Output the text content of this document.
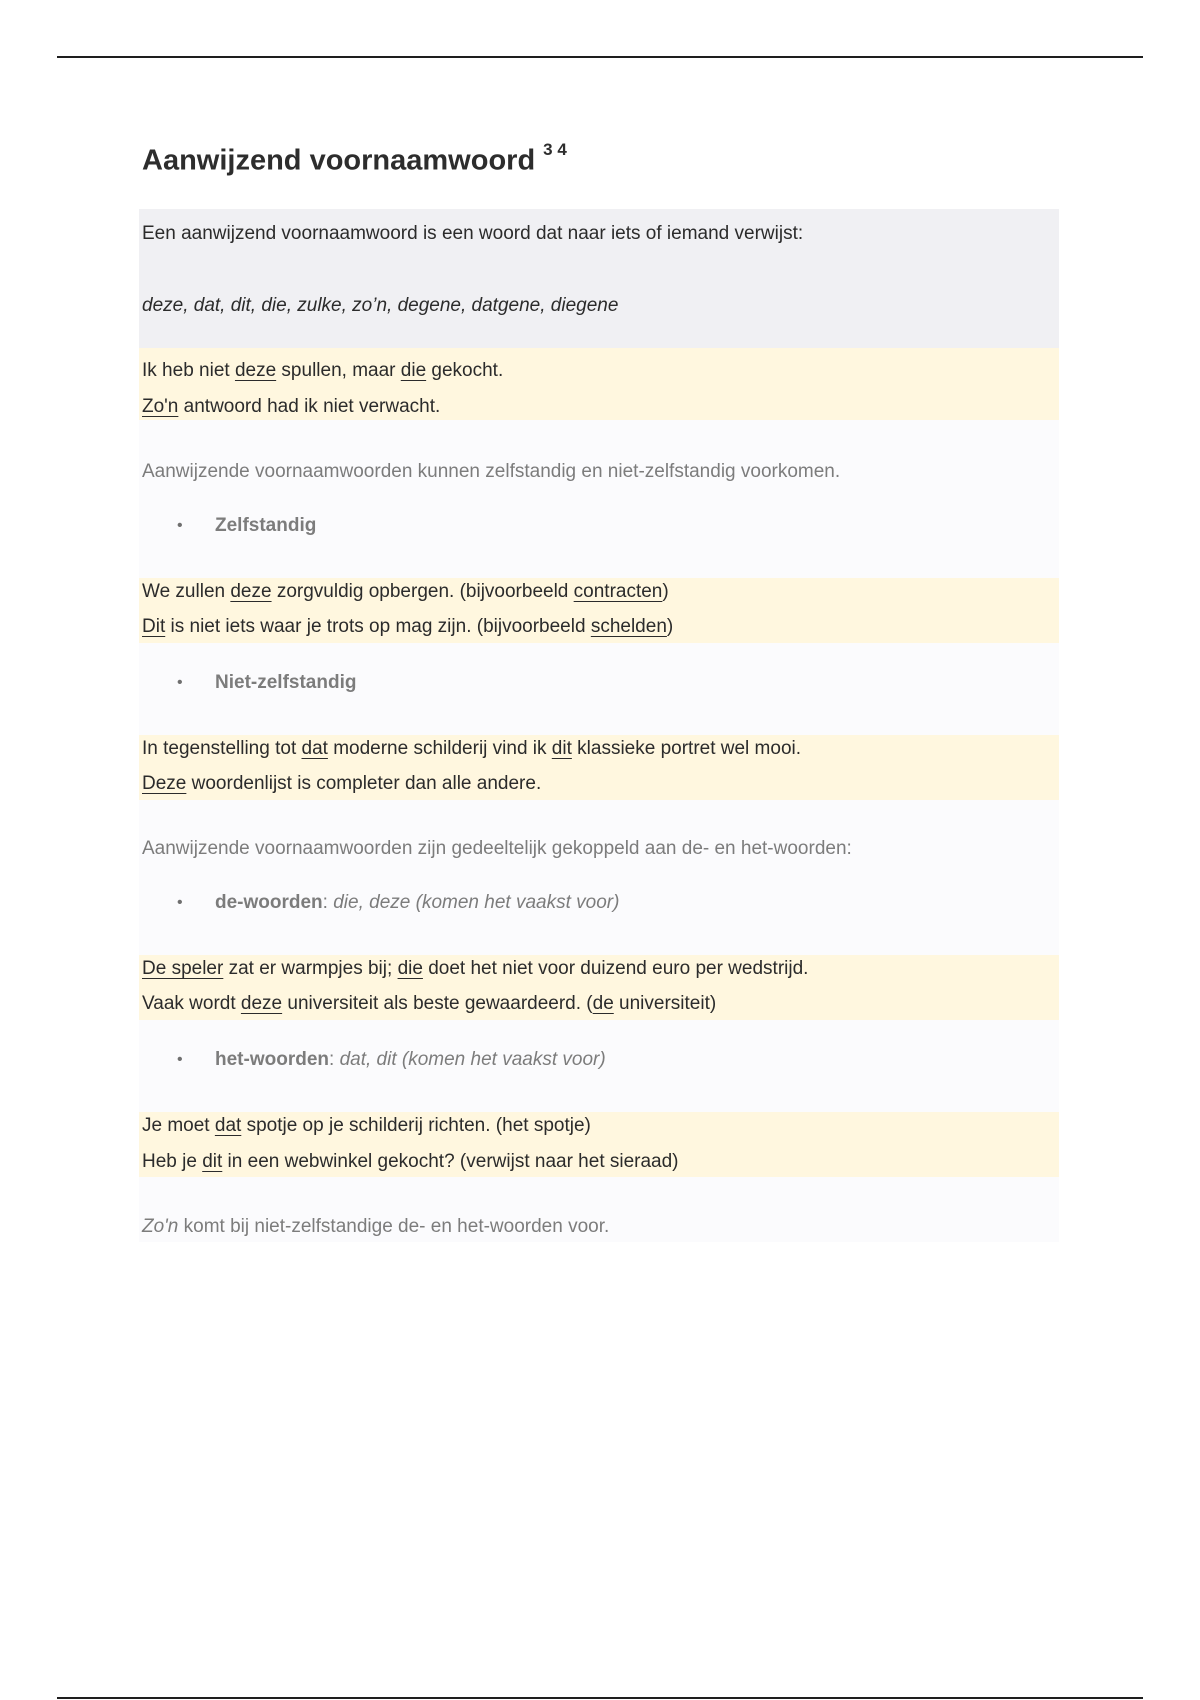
Aanwijzend voornaamwoord $^{3 4}$
Een aanwijzend voornaamwoord is een woord dat naar iets of iemand verwijst:
deze, dat, dit, die, zulke, zo’n, degene, datgene, diegene
Ik heb niet deze spullen, maar die gekocht.
Zo'n antwoord had ik niet verwacht.
Aanwijzende voornaamwoorden kunnen zelfstandig en niet-zelfstandig voorkomen.
• Zelfstandig
We zullen deze zorgvuldig opbergen. (bijvoorbeeld contracten)
Dit is niet iets waar je trots op mag zijn. (bijvoorbeeld schelden)
• Niet-zelfstandig
In tegenstelling tot dat moderne schilderij vind ik dit klassieke portret wel mooi.
Deze woordenlijst is completer dan alle andere.
Aanwijzende voornaamwoorden zijn gedeeltelijk gekoppeld aan de- en het-woorden:
• de-woorden: die, deze (komen het vaakst voor)
De speler zat er warmpjes bij; die doet het niet voor duizend euro per wedstrijd.
Vaak wordt deze universiteit als beste gewaardeerd. (de universiteit)
• het-woorden: dat, dit (komen het vaakst voor)
Je moet dat spotje op je schilderij richten. (het spotje)
Heb je dit in een webwinkel gekocht? (verwijst naar het sieraad)
Zo'n komt bij niet-zelfstandige de- en het-woorden voor.
